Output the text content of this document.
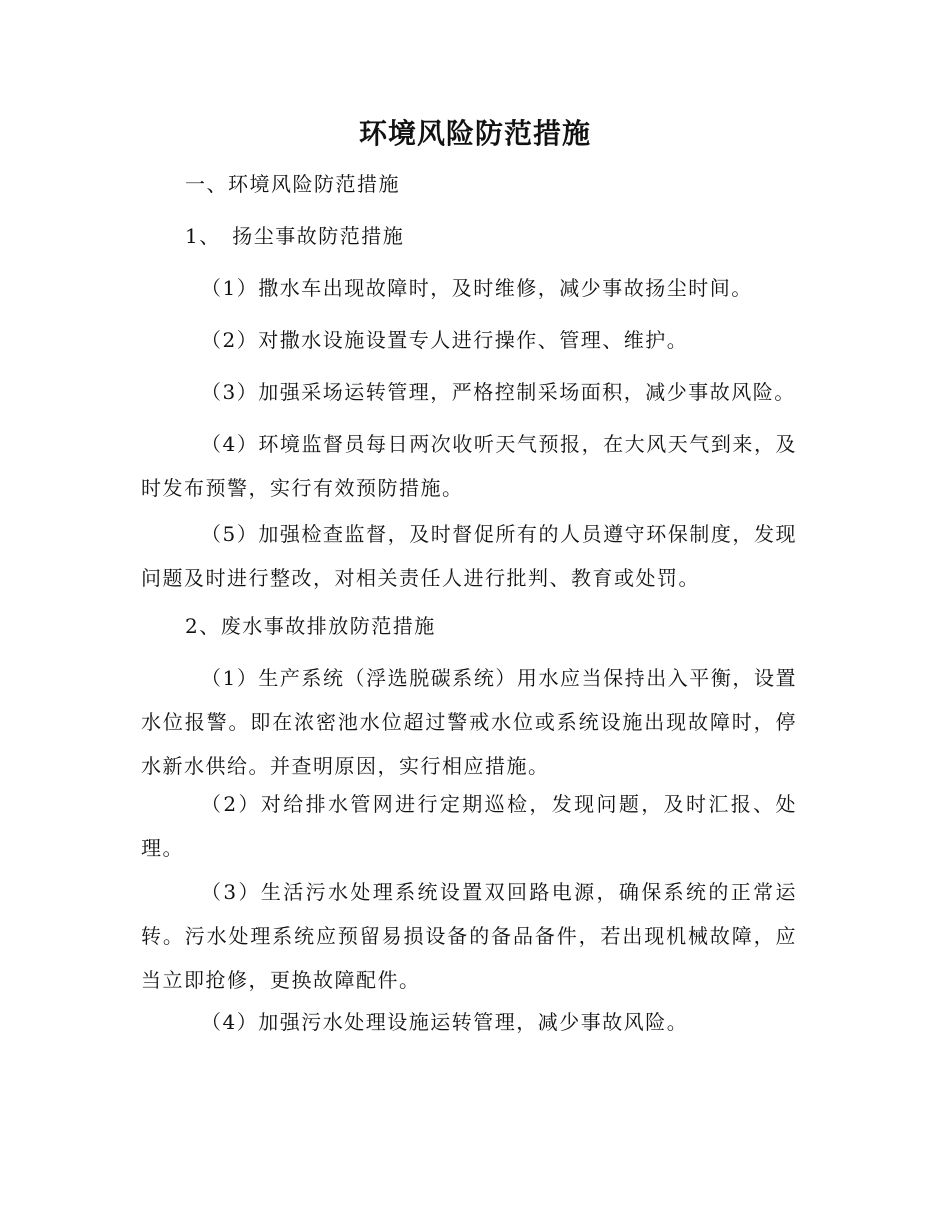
环境风险防范措施

一、环境风险防范措施

1、　扬尘事故防范措施

（1）撒水车出现故障时，及时维修，减少事故扬尘时间。

（2）对撒水设施设置专人进行操作、管理、维护。

（3）加强采场运转管理，严格控制采场面积，减少事故风险。

（4）环境监督员每日两次收听天气预报，在大风天气到来，及时发布预警，实行有效预防措施。

（5）加强检查监督，及时督促所有的人员遵守环保制度，发现问题及时进行整改，对相关责任人进行批判、教育或处罚。

2、废水事故排放防范措施

（1）生产系统（浮选脱碳系统）用水应当保持出入平衡，设置水位报警。即在浓密池水位超过警戒水位或系统设施出现故障时，停水新水供给。并查明原因，实行相应措施。

（2）对给排水管网进行定期巡检，发现问题，及时汇报、处理。

（3）生活污水处理系统设置双回路电源，确保系统的正常运转。污水处理系统应预留易损设备的备品备件，若出现机械故障，应当立即抢修，更换故障配件。

（4）加强污水处理设施运转管理，减少事故风险。
